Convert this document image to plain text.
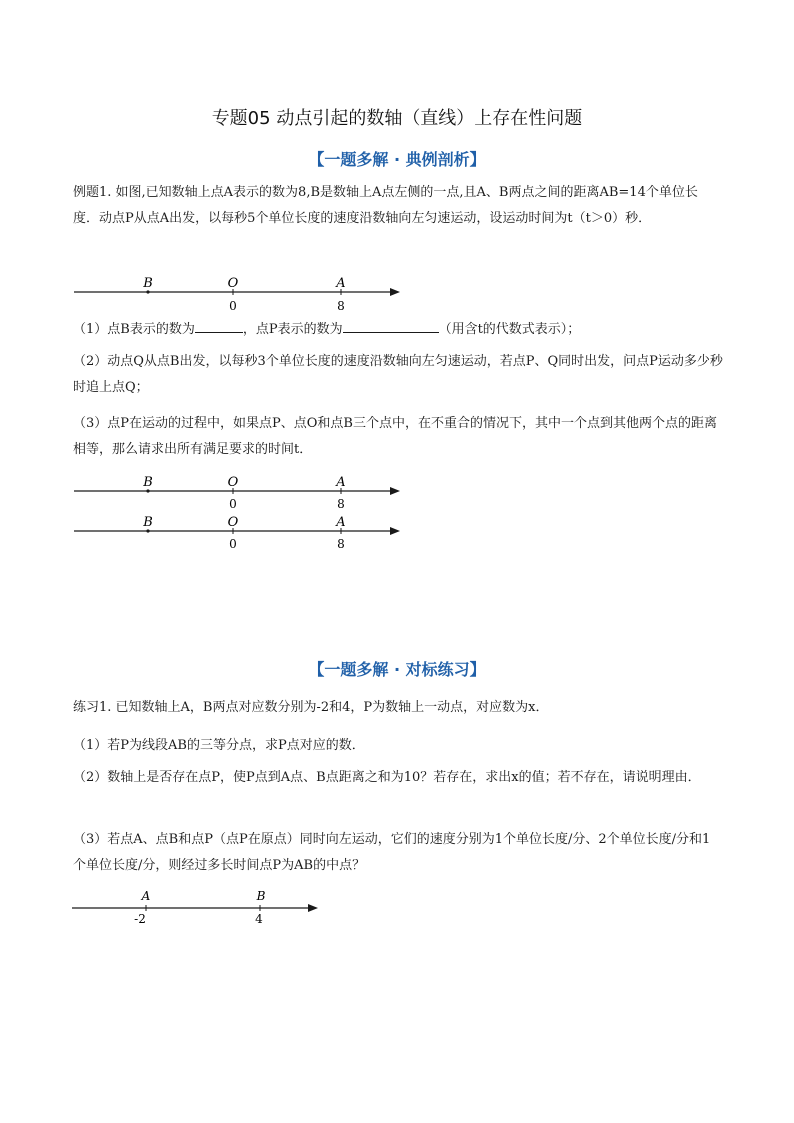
专题05 动点引起的数轴（直线）上存在性问题
【一题多解 · 典例剖析】
例题1. 如图,已知数轴上点A表示的数为8,B是数轴上A点左侧的一点,且A、B两点之间的距离AB=14个单位长度．动点P从点A出发，以每秒5个单位长度的速度沿数轴向左匀速运动，设运动时间为t（t＞0）秒．
B	O	A
0	8
（1）点B表示的数为	，点P表示的数为	（用含t的代数式表示）；
（2）动点Q从点B出发，以每秒3个单位长度的速度沿数轴向左匀速运动，若点P、Q同时出发，问点P运动多少秒时追上点Q；
（3）点P在运动的过程中，如果点P、点O和点B三个点中，在不重合的情况下，其中一个点到其他两个点的距离相等，那么请求出所有满足要求的时间t．
B	O	A
0	8
B	O	A
0	8
【一题多解 · 对标练习】
练习1. 已知数轴上A，B两点对应数分别为-2和4，P为数轴上一动点，对应数为x．
（1）若P为线段AB的三等分点，求P点对应的数．
（2）数轴上是否存在点P，使P点到A点、B点距离之和为10？若存在，求出x的值；若不存在，请说明理由．
（3）若点A、点B和点P（点P在原点）同时向左运动，它们的速度分别为1个单位长度/分、2个单位长度/分和1个单位长度/分，则经过多长时间点P为AB的中点？
A	B
-2	4
